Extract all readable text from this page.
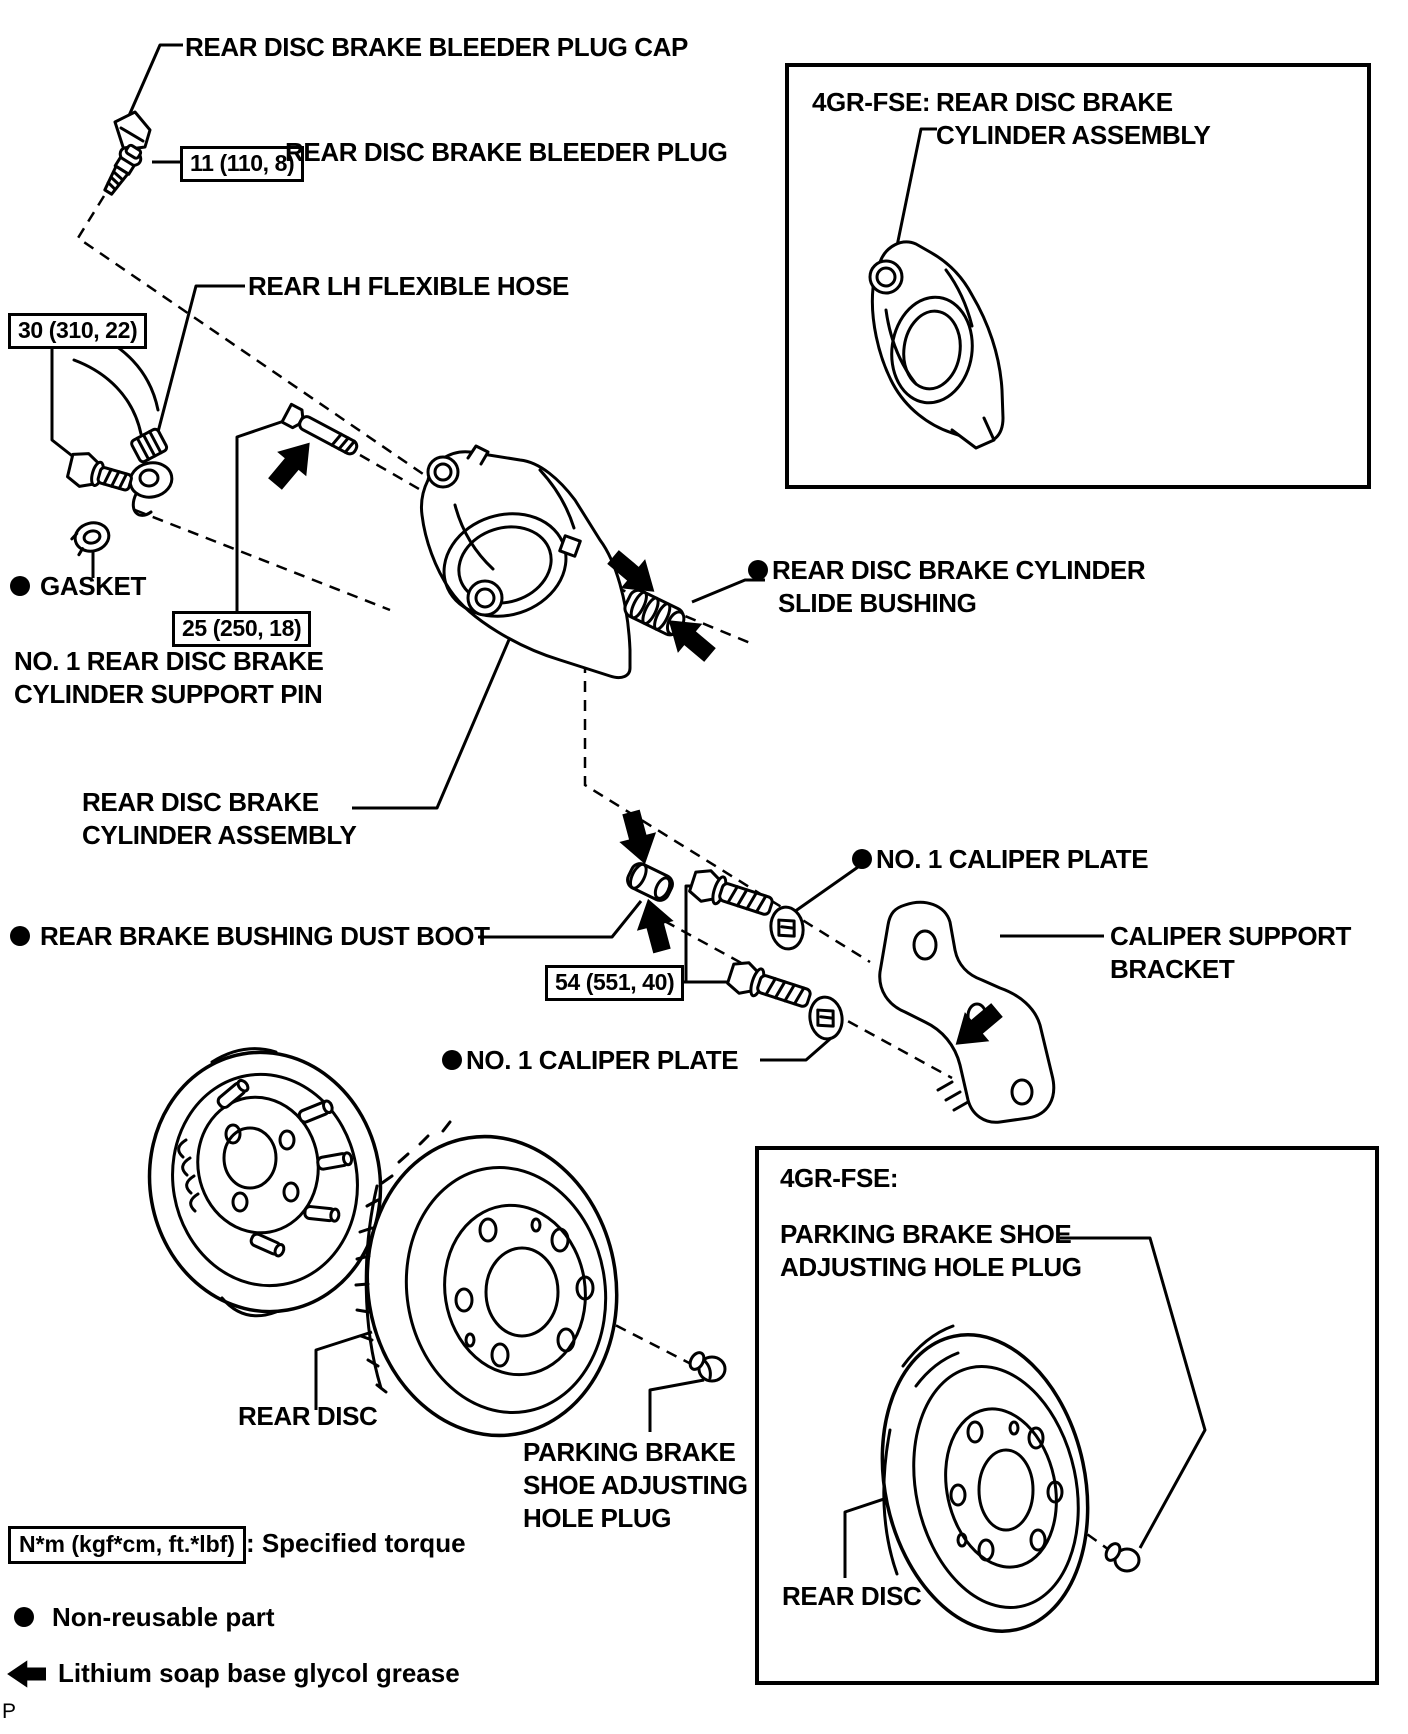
REAR DISC BRAKE BLEEDER PLUG CAP
11 (110, 8)
REAR DISC BRAKE BLEEDER PLUG
REAR LH FLEXIBLE HOSE
30 (310, 22)
GASKET
25 (250, 18)
NO. 1 REAR DISC BRAKE
CYLINDER SUPPORT PIN
4GR-FSE: REAR DISC BRAKE
CYLINDER ASSEMBLY
REAR DISC BRAKE CYLINDER
SLIDE BUSHING
REAR DISC BRAKE
CYLINDER ASSEMBLY
REAR BRAKE BUSHING DUST BOOT
NO. 1 CALIPER PLATE
54 (551, 40)
CALIPER SUPPORT
BRACKET
NO. 1 CALIPER PLATE
REAR DISC
PARKING BRAKE
SHOE ADJUSTING
HOLE PLUG
4GR-FSE:
PARKING BRAKE SHOE
ADJUSTING HOLE PLUG
REAR DISC
N*m (kgf*cm, ft.*lbf) : Specified torque
Non-reusable part
Lithium soap base glycol grease
P
